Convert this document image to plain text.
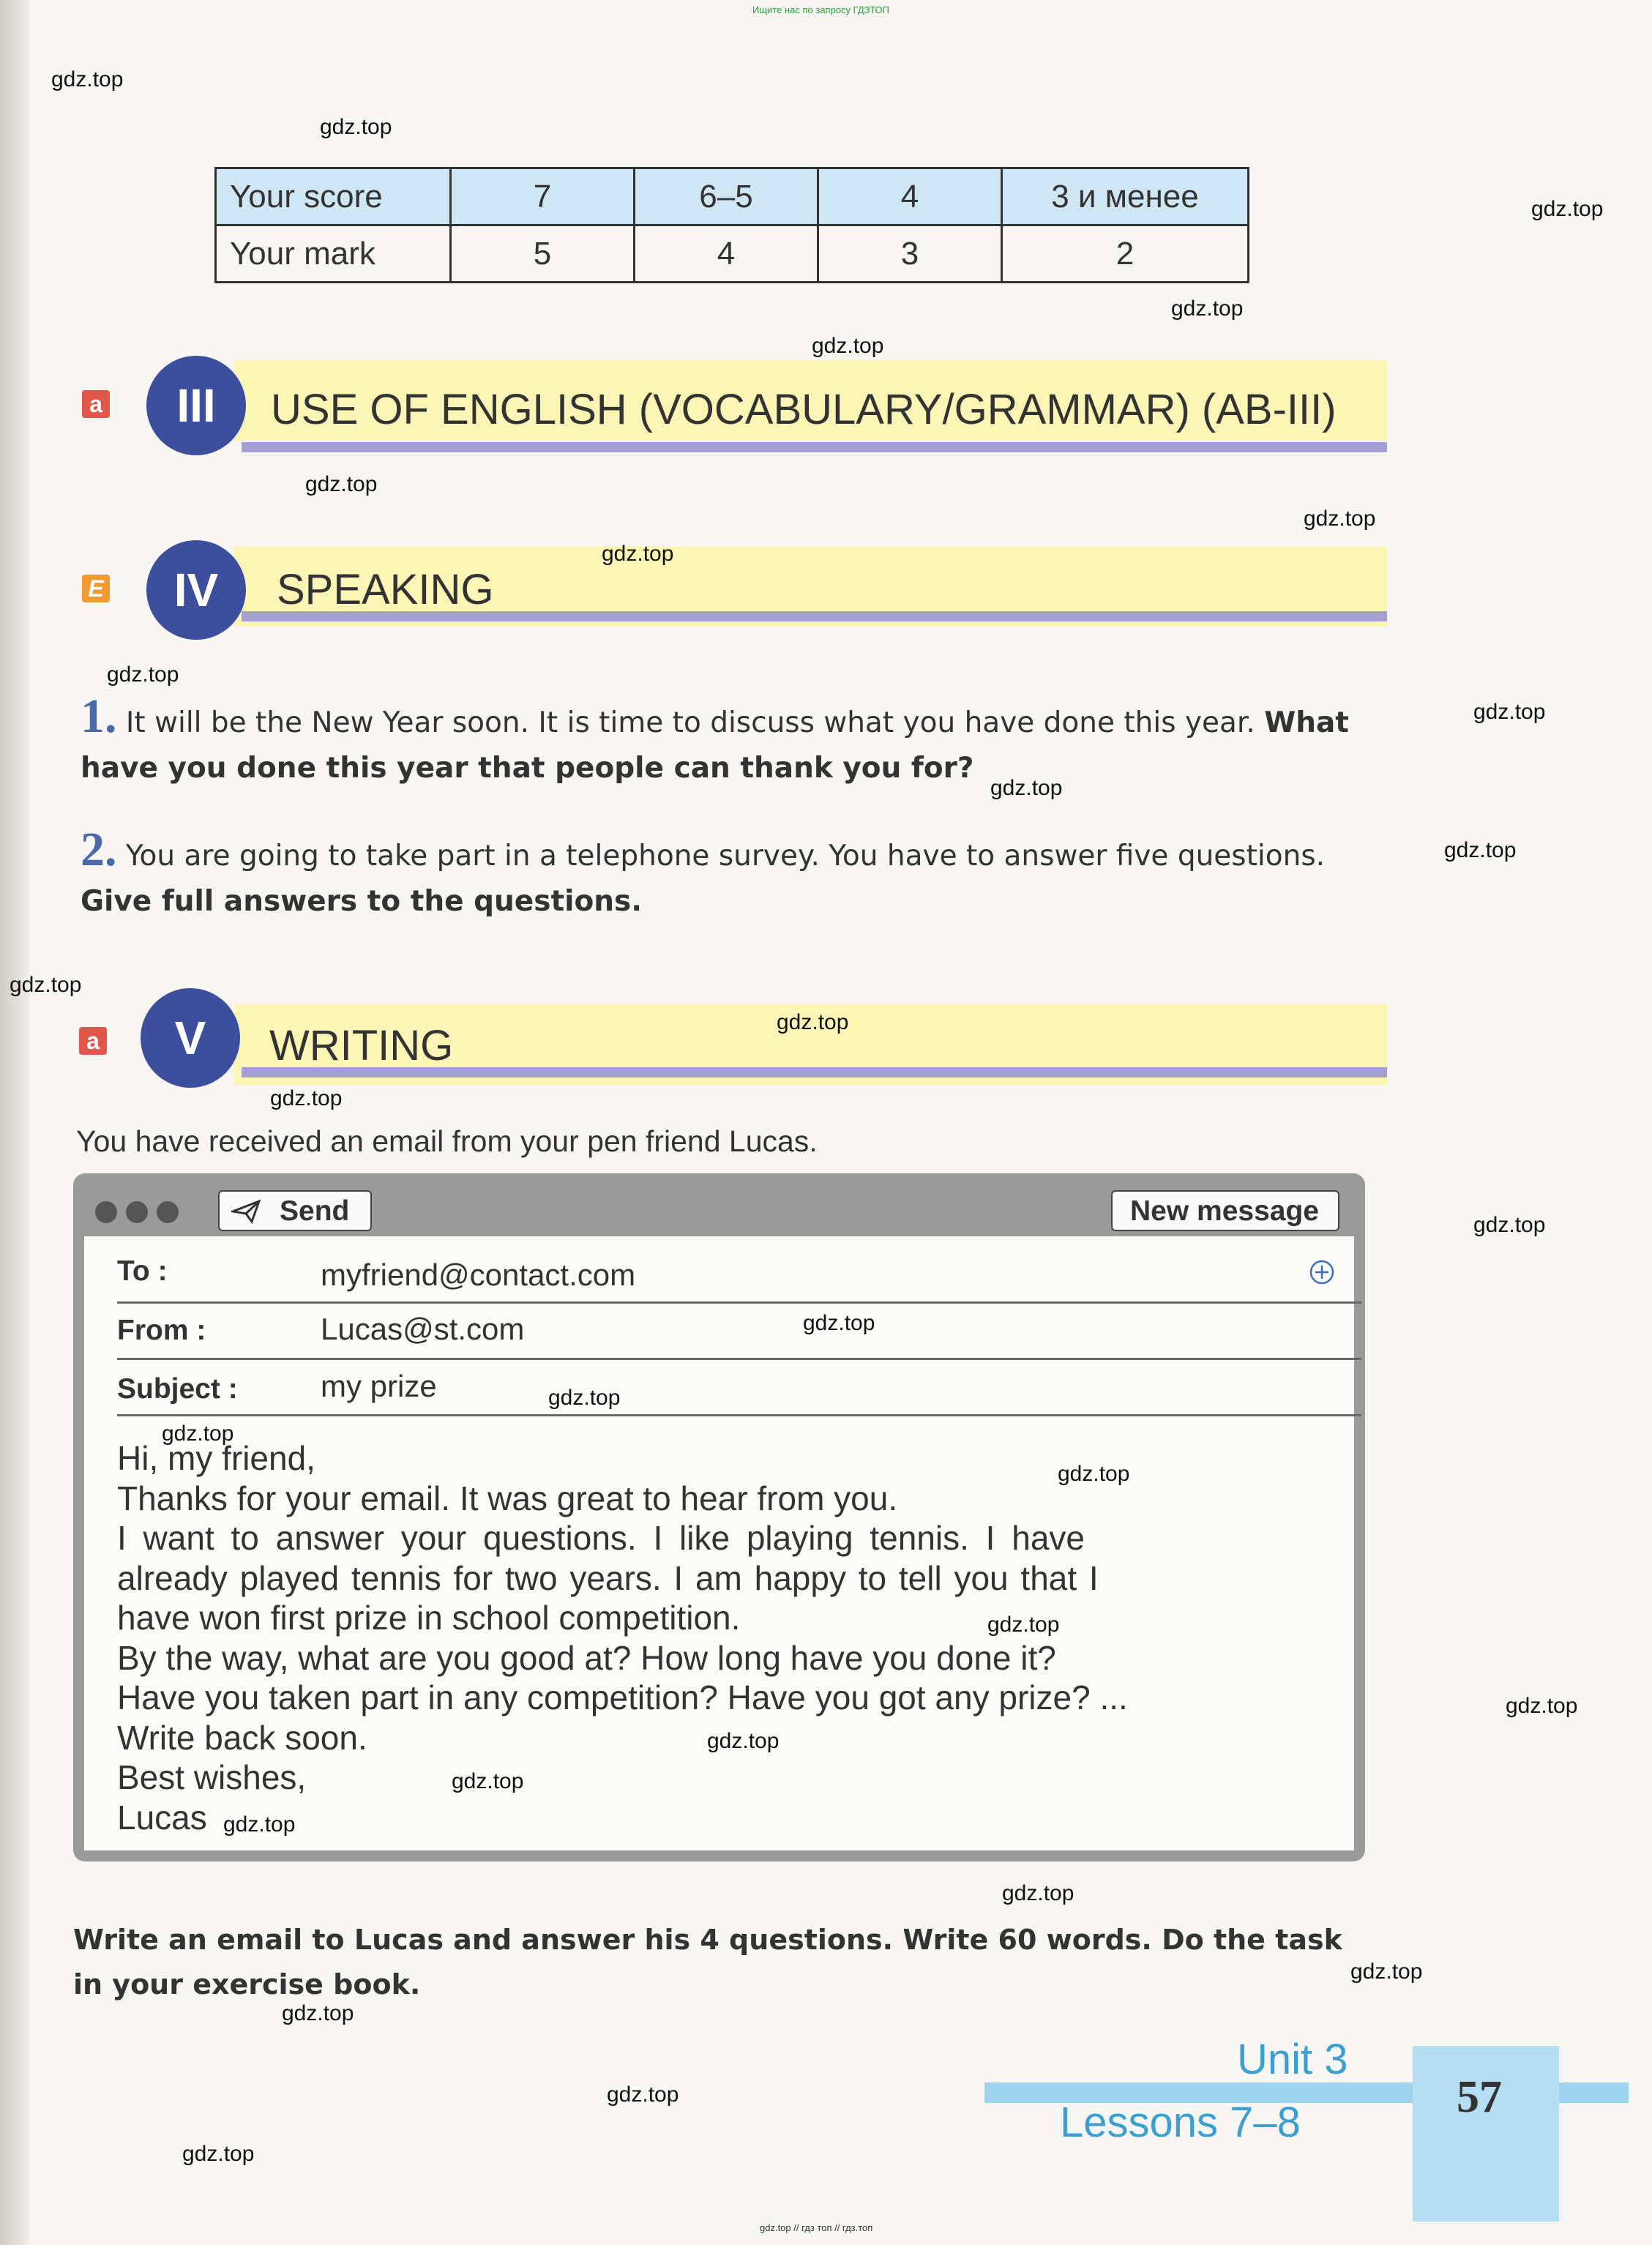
Ищите нас по запросу ГДЗТОП
Your score	7	6–5	4	3 и менее
Your mark	5	4	3	2
a	III	USE OF ENGLISH (VOCABULARY/GRAMMAR) (AB-III)
E	IV	SPEAKING
1. It will be the New Year soon. It is time to discuss what you have done this year. What
have you done this year that people can thank you for?
2. You are going to take part in a telephone survey. You have to answer five questions.
Give full answers to the questions.
a	V	WRITING
You have received an email from your pen friend Lucas.
Send	New message
To :	myfriend@contact.com
From :	Lucas@st.com
Subject :	my prize
Hi, my friend,
Thanks for your email. It was great to hear from you.
I want to answer your questions. I like playing tennis. I have
already played tennis for two years. I am happy to tell you that I
have won first prize in school competition.
By the way, what are you good at? How long have you done it?
Have you taken part in any competition? Have you got any prize? ...
Write back soon.
Best wishes,
Lucas
Write an email to Lucas and answer his 4 questions. Write 60 words. Do the task
in your exercise book.
Unit 3
Lessons 7–8
57
gdz.top // гдз топ // гдз.топ
gdz.top
gdz.top
gdz.top
gdz.top
gdz.top
gdz.top
gdz.top
gdz.top
gdz.top
gdz.top
gdz.top
gdz.top
gdz.top
gdz.top
gdz.top
gdz.top
gdz.top
gdz.top
gdz.top
gdz.top
gdz.top
gdz.top
gdz.top
gdz.top
gdz.top
gdz.top
gdz.top
gdz.top
gdz.top
gdz.top
